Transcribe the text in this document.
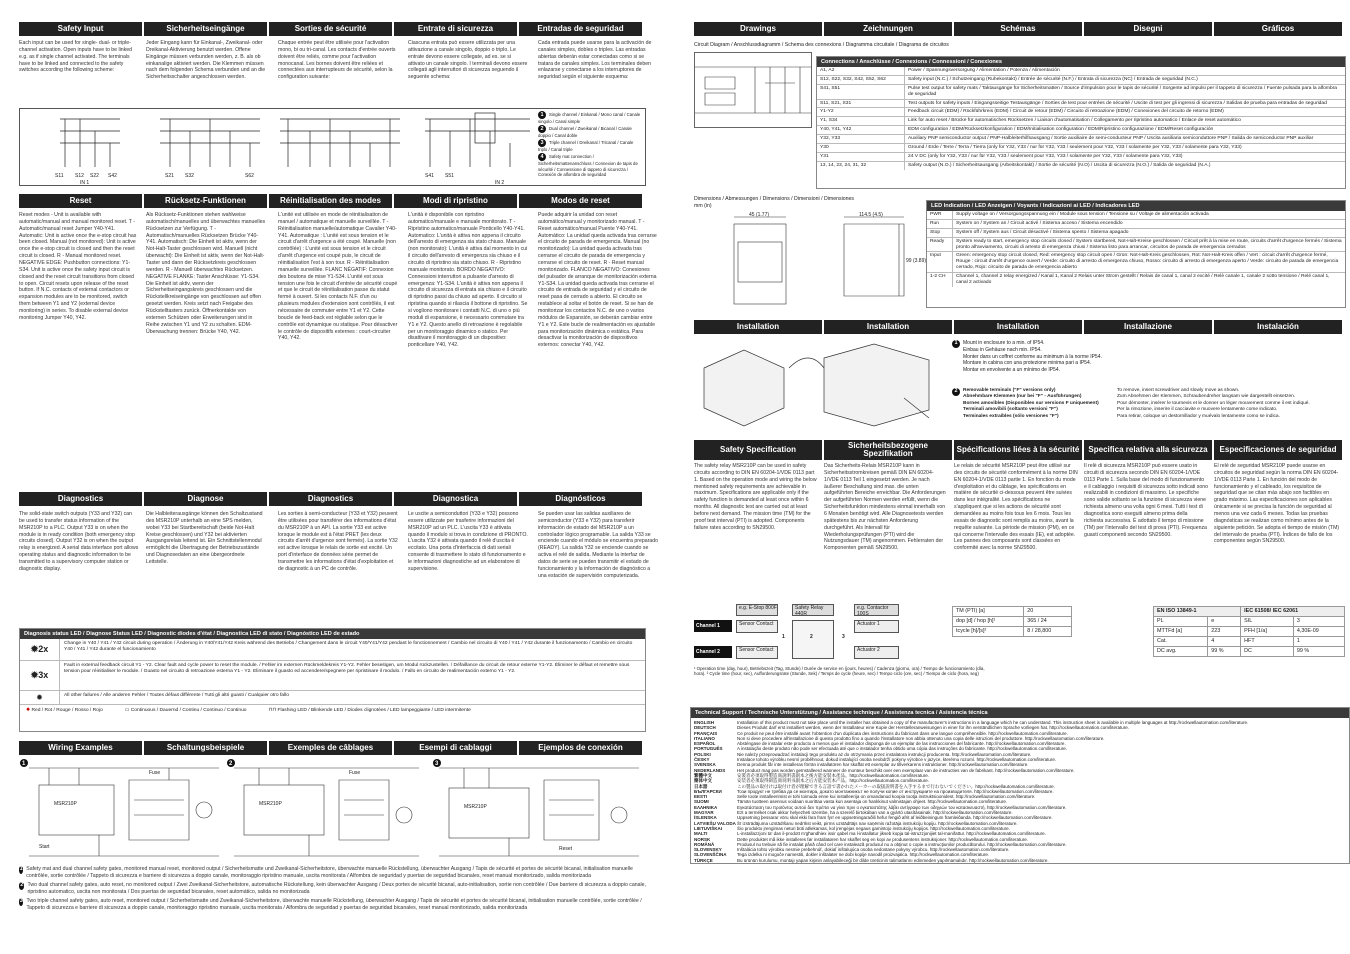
Safety Input	Sicherheitseingänge	Sorties de sécurité	Entrate di sicurezza	Entradas de seguridad
Each input can be used for single- dual- or triple-channel activation. Open inputs have to be linked e.g. as if single channel activated. The terminals have to be linked and connected to the safety switches according the following scheme:
Jeder Eingang kann für Einkanal-, Zweikanal- oder Dreikanal-Aktivierung benutzt werden. Offene Eingänge müssen verbunden werden, z. B. als ob einkanalige aktiviert werden. Die Klemmen müssen nach dem folgenden Schema verbunden und an die Sicherheitsschalter angeschlossen werden.
Chaque entrée peut être utilisée pour l'activation mono, bi ou tri-canal. Les contacts d'entrée ouverts doivent être reliés, comme pour l'activation monocanal. Les bornes doivent être reliées et connectées aux interrupteurs de sécurité, selon la configuration suivante:
Ciascuna entrata può essere utilizzata per una attivazione a canale singolo, doppio o triplo. Le entrate devono essere collegate, ad es. se si attivato un canale singolo. I terminali devono essere collegati agli interruttori di sicurezza seguendo il seguente schema:
Cada entrada puede usarse para la activación de canales simples, dobles o triples. Las entradas abiertas deberán estar conectadas como si se tratara de canales simples. Los terminales deben enlazarse y conectarse a los interruptores de seguridad según el siguiente esquema:
S11 S12 S22 S42
IN 1
S21 S32	S62	S41 S51
IN 2
1 Single channel / Einkanal / Mono canal / Canale singolo / Canal simple
2 Dual channel / Zweikanal / Bicanal / Canale doppio / Canal doble
3 Triple channel / Dreikanal / Tricanal / Canale triplo / Canal triple
4 Safety mat connection / Sicherheitsmattenanschluss / Connexion de tapis de sécurité / Connessione di tappeto di sicurezza / Conexión de alfombra de seguridad
Reset	Rücksetz-Funktionen	Réinitialisation des modes	Modi di ripristino	Modos de reset
Reset modes - Unit is available with automatic/manual and manual monitored reset. T - Automatic/manual reset Jumper Y40-Y41. Automatic: Unit is active once the e-stop circuit has been closed. Manual (not monitored): Unit is active once the e-stop circuit is closed and then the reset circuit is closed. R - Manual monitored reset. NEGATIVE EDGE: Pushbutton connections: Y1-S34. Unit is active once the safety input circuit is closed and the reset circuit transitions from closed to open. Circuit resets upon release of the reset button. If N.C. contacts of external contactors or expansion modules are to be monitored, switch them between Y1 and Y2 (external device monitoring) in series. To disable external device monitoring Jumper Y40, Y42.
Als Rücksetz-Funktionen stehen wahlweise automatisch/manuelles und überwachtes manuelles Rücksetzen zur Verfügung. T - Automatisch/manuelles Rücksetzen Brücke Y40-Y41. Automatisch: Die Einheit ist aktiv, wenn der Not-Halt-Taster geschlossen wird. Manuell (nicht überwacht): Die Einheit ist aktiv, wenn der Not-Halt-Taster und dann der Rücksetzkreis geschlossen werden. R - Manuell überwachtes Rücksetzen. NEGATIVE FLANKE: Taster Anschlüsse: Y1-S34. Die Einheit ist aktiv, wenn der Sicherheitseingangskreis geschlossen und die Rückstellkreiseingänge von geschlossen auf offen gesetzt werden. Kreis setzt nach Freigabe des Rückstelltasters zurück. Öffnerkontakte von externen Schützen oder Erweiterungen sind in Reihe zwischen Y1 und Y2 zu schalten. EDM-Überwachung trennen: Brücke Y40, Y42.
L'unité est utilisée en mode de réinitialisation de manuel / automatique et manuelle surveillée. T - Réinitialisation manuelle/automatique Cavalier Y40-Y41. Automatique : L'unité est sous tension et le circuit d'arrêt d'urgence a été coupé. Manuelle (non contrôlée) : L'unité est sous tension et le circuit d'arrêt d'urgence est coupé puis, le circuit de réinitialisation l'est à son tour. R - Réinitialisation manuelle surveillée. FLANC NÉGATIF: Connexion des boutons de mise Y1-S34. L'unité est sous tension une fois le circuit d'entrée de sécurité coupé et que le circuit de réinitialisation passe du statut fermé à ouvert. Si les contacts N.F. d'un ou plusieurs modules d'extension sont contrôlés, il est nécessaire de commuter entre Y1 et Y2. Cette boucle de feed-back est réglable selon que le contrôle est dynamique ou statique. Pour désactiver le contrôle de dispositifs externes : court-circuiter Y40, Y42.
L'unità è disponibile con ripristino automatico/manuale e manuale monitorato. T - Ripristino automatico/manuale Ponticello Y40-Y41. Automatico: L'unità è attiva non appena il circuito dell'arresto di emergenza sia stato chiuso. Manuale (non monitorato): L'unità è attiva dal momento in cui il circuito dell'arresto di emergenza sia chiuso e il circuito di ripristino sia stato chiuso. R - Ripristino manuale monitorato. BORDO NEGATIVO: Connessioni interruttori a pulsante d'arresto di emergenza: Y1-S34. L'unità è attiva non appena il circuito di sicurezza di entrata sia chiuso e il circuito di ripristino passi da chiuso ad aperto. Il circuito si ripristina quando si rilascia il bottone di ripristino. Se si vogliono monitorare i contatti N.C. di uno o più moduli di espansione, è necessario commutare tra Y1 e Y2. Questo anello di retroazione è regolabile per un monitoraggio dinamico o statico. Per disattivare il monitoraggio di un dispositivo: ponticellare Y40, Y42.
Puede adquirir la unidad con reset automático/manual y monitorizado manual. T - Reset automático/manual Puente Y40-Y41. Automático: La unidad queda activada tras cerrarse el circuito de parada de emergencia. Manual (no monitorizado): La unidad queda activada tras cerrarse el circuito de parada de emergencia y cerrarse el circuito de reset. R - Reset manual monitorizado. FLANCO NEGATIVO: Conexiones del pulsador de arranque de monitorización externa Y1-S34. La unidad queda activada tras cerrarse el circuito de entrada de seguridad y el circuito de reset pasa de cerrado a abierto. El circuito se restablece al soltar el botón de reset. Si se han de monitorizar los contactos N.C. de uno o varios módulos de Expansión, se deberán cambiar entre Y1 e Y2. Este bucle de realimentación es ajustable para monitorización dinámica o estática. Para desactivar la monitorización de dispositivos externos: conectar Y40, Y42.
Diagnostics	Diagnose	Diagnostics	Diagnostica	Diagnósticos
The solid-state switch outputs (Y33 and Y32) can be used to transfer status information of the MSR210P to a PLC. Output Y33 is on when the module is in ready condition (both emergency stop circuits closed). Output Y32 is on when the output relay is energized. A serial data interface port allows operating status and diagnostic information to be transmitted to a supervisory computer station or diagnostic display.
Die Halbleiterausgänge können den Schaltzustand des MSR210P unterhalb an eine SPS melden, wobei Y33 bei Startbereitschaft (beide Not-Halt Kreise geschlossen) und Y32 bei aktivierten Ausgangsrelais leitend ist. Ein Schnittstellenmodul ermöglicht die Übertragung der Betriebszustände und Diagnosedaten an eine übergeordnete Leitstelle.
Les sorties à semi-conducteur (Y33 et Y32) peuvent être utilisées pour transférer des informations d'état du MSR210P à un API. La sortie Y33 est active lorsque le module est à l'état PRET (les deux circuits d'arrêt d'urgence sont fermés). La sortie Y32 est active lorsque le relais de sortie est excité. Un port d'interface de données série permet de transmettre les informations d'état d'exploitation et de diagnostic à un PC de contrôle.
Le uscite a semiconduttori (Y33 e Y32) possono essere utilizzate per trasferire informazioni del MSR210P ad un PLC. L'uscita Y33 è attivata quando il modulo si trova in condizione di PRONTO. L'uscita Y32 è attivata quando il relè d'uscita è eccitato. Una porta d'interfaccia di dati seriali consente di trasmettere lo stato di funzionamento e le informazioni diagnostiche ad un elaboratore di supervisione.
Se pueden usar las salidas auxiliares de semiconductor (Y33 e Y32) para transferir información de estado del MSR210P a un controlador lógico programable. La salida Y33 se enciende cuando el módulo se encuentra preparado (READY). La salida Y32 se enciende cuando se activa el relé de salida. Mediante la interfaz de datos de serie se pueden transmitir el estado de funcionamiento y la información de diagnóstico a una estación de supervisión computerizada.
Diagnosis status LED / Diagnose Status LED / Diagnostic diodes d'état / Diagnostica LED di stato / Diagnóstico LED de estado
✹ 2x
Change in Y40 / Y41 / Y42 circuit during operation / Änderung in Y40/Y41/Y42 Kreis während des Betriebs / Changement dans le circuit Y40/Y41/Y42 pendant le fonctionnement / Cambio nel circuito di Y40 / Y41 / Y42 durante il funzionamento / Cambio en circuito Y40 / Y41 / Y42 durante el funcionamiento
✹ 3x
Fault in external feedback circuit Y1 - Y2. Clear fault and cycle power to reset the module. / Fehler im externen Rückmeldekreis Y1-Y2. Fehler beseitigen, um Modul rückzustellen. / Défaillance du circuit de retour externe Y1-Y2. Éliminer le défaut et remettre sous tension pour réinitialiser le module. / Guasto nel circuito di retroazione esterna Y1 - Y2. Eliminare il guasto ed accendere/spegnere per ripristinare il modulo. / Fallo en circuito de realimentación externo Y1 - Y2.
✹	All other failures / Alle anderen Fehler / Toutes défaut différente / Tutti gli altri guasti / Cualquier otro fallo
✹ Red / Rot / Rouge / Rosso / Rojo	▭ Continuous / Dauernd / Continu / Continuo / Continuo	⊓⊓ Flashing LED / Blinkende LED / Diodes clignotées / LED lampeggiante / LED intermitente
Wiring Examples	Schaltungsbeispiele	Exemples de câblages	Esempi di cablaggi	Ejemplos de conexión
MSR210P	MSR210P	MSR210P
Fuse	Fuse
Start	Reset
1	2	3
1 Safety mat and dual channel safety gates, monitored manual reset, monitored output / Sicherheitsmatte und Zweikanal-Sicherheitstore, überwachte manuelle Rückstellung, überwachter Ausgang / Tapis de sécurité et portes de sécurité bicanal, initialisation manuelle contrôlée, sortie contrôlée / Tappeto di sicurezza e barriere di sicurezza a doppio canale, monitoraggio ripristino manuale, uscita monitorata / Alfombra de seguridad y puertas de seguridad bicanales, reset manual monitorizado, salida monitorizada
2 Two dual channel safety gates, auto reset, no monitored output / Zwei Zweikanal-Sicherheitstore, automatische Rückstellung, kein überwachter Ausgang / Deux portes de sécurité bicanal, auto-initialisation, sortie non contrôlée / Due barriere di sicurezza a doppio canale, ripristino automatico, uscita non monitorata / Dos puertas de seguridad bicanales, reset automático, salida no monitorizada
3 Two triple channel safety gates, auto reset, monitored output / Sicherheitsmatte und Zweikanal-Sicherheitstore, überwachte manuelle Rückstellung, überwachter Ausgang / Tapis de sécurité et portes de sécurité bicanal, initialisation manuelle contrôlée, sortie contrôlée / Tappeto di sicurezza e barriere di sicurezza a doppio canale, monitoraggio ripristino manuale, uscita monitorata / Alfombra de seguridad y puertas de seguridad bicanales, reset manual monitorizado, salida monitorizada
Drawings	Zeichnungen	Schémas	Disegni	Gráficos
Circuit Diagram / Anschlussdiagramm / Schema des connexions / Diagramma circuitale / Diagrama de circuitos
Connections / Anschlüsse / Connexions / Connessioni / Conexiones
A1, A2	Power / Spannungsversorgung / Alimentation / Potenza / Alimentación
S12, S22, S32, S42, S52, S62	Safety input (N.C.) / Schutzeingang (Ruhekontakt) / Entrée de sécurité (N.F.) / Entrata di sicurezza (NC) / Entrada de seguridad (N.C.)
S41, S51	Pulse test output for safety mats / Taktausgänge für Sicherheitsmatten / Source d'impulsion pour le tapis de sécurité / Sorgente ad impulsi per il tappeto di sicurezza / Fuente pulsada para la alfombra de seguridad
S11, S21, S31	Test outputs for safety inputs / Eingangsseitige Testausgänge / Sorties de test pour entrées de sécurité / Uscite di test per gli ingressi di sicurezza / Salidas de prueba para entradas de seguridad
Y1-Y2	Feedback circuit (EDM) / Rückführkreis (EDM) / Circuit de retour (EDM) / Circuito di retroazione (EDM) / Conexiones del circuito de retorno (EDM)
Y1, S34	Link for auto reset / Brücke für automatisches Rücksetzen / Liaison d'automatisation / Collegamento per ripristino automatico / Enlace de reset automático
Y40, Y41, Y42	EDM configuration / EDM/Rücksetzkonfiguration / EDM/Initialisation configuration / EDM/Ripristino configurazione / EDM/Reset configuración
Y32, Y33	Auxiliary PNP semiconductor output / PNP-Halbleiterhilfsausgang / Sortie auxiliaire de semi-conducteur PNP / Uscita ausiliaria semiconduttore PNP / Salida de semiconductor PNP auxiliar
Y30	Ground / Erde / Terre / Terra / Tierra (only for Y32, Y33 / nur für Y32, Y33 / seulement pour Y32, Y33 / solamente per Y32, Y33 / solamente para Y32, Y33)
Y31	24 V DC (only for Y32, Y33 / nur für Y32, Y33 / seulement pour Y32, Y33 / solamente per Y32, Y33 / solamente para Y32, Y33)
13, 14, 23, 24, 31, 32	Safety output (N.O.) / Sicherheitsausgang (Arbeitskontakt) / Sortie de sécurité (N.O) / Uscita di sicurezza (N.O.) / Salida de seguridad (N.A.)
Dimensions / Abmessungen / Dimensions / Dimensioni / Dimensiones mm (in)
45 (1.77)	114.5 (4.5)
99 (3.89)
LED Indication / LED Anzeigen / Voyants / Indicazioni ai LED / Indicadores LED
PWR	Supply voltage on / Versorgungsspannung ein / Module sous tension / Tensione su / Voltaje de alimentación activada
Run	System on / System an / Circuit activé / Sistema acceso / Sistema encendido
Stop	System off / System aus / Circuit désactivé / Sistema spento / Sistema apagado
Ready	System ready to start, emergency stop circuits closed / System startbereit, Not-Halt-Kreise geschlossen / Circuit prêt à la mise en route, circuits d'arrêt d'urgence fermés / Sistema pronto all'avviamento, circuiti di arresto di emergenza chiusi / Sistema listo para arrancar, circuitos de parada de emergencia cerrados
Input	Green: emergency stop circuit closed, Red: emergency stop circuit open / Grün: Not-Halt-Kreis geschlossen, Rot: Not-Halt-Kreis offen / Vert : circuit d'arrêt d'urgence fermé, Rouge : circuit d'arrêt d'urgence ouvert / Verde: circuito di arresto di emergenza chiuso, Rosso: circuito di arresto di emergenza aperto / Verde: circuito de parada de emergencia cerrado, Rojo: circuito de parada de emergencia abierto
1-2 CH	Channel 1, channel 2 relay energized / Kanal 1, Kanal 2 Relais unter Strom gestellt / Relais de canal 1, canal 2 excité / Relè canale 1, canale 2 sotto tensione / Relé canal 1, canal 2 activado
Installation	Installation	Installation	Installazione	Instalación
1	Mount in enclosure to a min. of IP54.
Einbau in Gehäuse nach min. IP54.
Monter dans un coffret conforme au minimum à la norme IP54.
Montare in cabina con una protezione minima pari a IP54.
Montar en envolvente a un mínimo de IP54.
2	Removable terminals ("F" versions only)
Abnehmbare Klemmen (nur bei "F" - Ausführungen)
Bornes amovibles (Disponibles sur versions F uniquement)
Terminali amovibili (soltanto versioni "F")
Terminales extraíbles (sólo versiones "F")
To remove, insert screwdriver and slowly move as shown.
Zum Abnehmen der Klemmen, Schraubendreher langsam wie dargestellt einsetzen.
Pour démonter, insérer le tournevis et le donner un léger mouvement comme il est indiqué.
Per la rimozione, inserire il cacciavite e muovere lentamente come indicato.
Para retirar, coloque un destornillador y muévalo lentamente como se indica.
Safety Specification	Sicherheitsbezogene Spezifikation	Spécifications liées à la sécurité	Specifica relativa alla sicurezza	Especificaciones de seguridad
The safety relay MSR210P can be used in safety circuits according to DIN EN 60204-1/VDE 0113 part 1. Based on the operation mode and wiring the below mentioned safety requirements are achievable in maximum. Specifications are applicable only if the safety function is demanded at least once within 6 months. All diagnostic test are carried out at least before next demand. The mission time (TM) for the proof test interval (PTI) is adopted. Components failure rates according to SN29500.
Das Sicherheits-Relais MSR210P kann in Sicherheitsstromkreisen gemäß DIN EN 60204-1/VDE 0113 Teil 1 eingesetzt werden. Je nach äußerer Beschaltung sind max. die unten aufgeführten Bereiche erreichbar. Die Anforderungen der aufgeführten Normen werden erfüllt, wenn die Sicherheitsfunktion mindestens einmal innerhalb von 6 Monaten benötigt wird. Alle Diagnosetests werden spätestens bis zur nächsten Anforderung durchgeführt. Als Intervall für Wiederholungsprüfungen (PTI) wird die Nutzungsdauer (TM) angenommen. Fehlerraten der Komponenten gemäß SN29500.
Le relais de sécurité MSR210P peut être utilisé sur des circuits de sécurité conformément à la norme DIN EN 60204-1/VDE 0113 partie 1. En fonction du mode d'exploitation et du câblage, les spécifications en matière de sécurité ci-dessous peuvent être suivies dans leur intégralité. Les spécifications ne s'appliquent que si les actions de sécurité sont demandées au moins fois tous les 6 mois. Tous les essais de diagnostic sont remplis au moins, avant la requête suivante. La période de mission (PM), en ce qui concerne l'intervalle des essais (IE), est adoptée. Les pannes des composants sont classées en conformité avec la norme SN29500.
Il relè di sicurezza MSR210P può essere usato in circuiti di sicurezza secondo DIN EN 60204-1/VDE 0113 Parte 1. Sulla base del modo di funzionamento e il cablaggio i requisiti di sicurezza sotto indicati sono realizzabili in condizioni di massimo. Le specifiche sono valide soltanto se la funzione di sicurezza viene richiesta almeno una volta ogni 6 mesi. Tutti i test di diagnostica sono eseguiti almeno prima della richiesta successiva. È adottato il tempo di missione (TM) per l'intervallo del test di prova (PTI). Frequenza guasti componenti secondo SN29500.
El relé de seguridad MSR210P puede usarse en circuitos de seguridad según la norma DIN EN 60204-1/VDE 0113 Parte 1. En función del modo de funcionamiento y el cableado, los requisitos de seguridad que se citan más abajo son factibles en grado máximo. Las especificaciones son aplicables únicamente si se precisa la función de seguridad al menos una vez cada 6 meses. Todas las pruebas diagnósticas se realizan como mínimo antes de la siguiente petición. Se adopta el tiempo de misión (TM) del intervalo de prueba (PTI). Índices de fallo de los componentes según SN29500.
Channel 1
Channel 2
e.g. E-Stop 800F	Safety Relay 440R
e.g. Contactor 100S
Sensor Contact
Sensor Contact
Actuator 1
Actuator 2
1	2	3
¹ Operation time (day, hour), Betriebszeit (Tag, Stunde) / Durée de service en (jours, heures) / Cadenza (giorno, ora) / Tiempo de funcionamiento (día, hora). ² Cycle time (hour, sec), Aufforderungsrate (Stunde, Sek) / Temps de cycle (heure, sec) / Tempo ciclo (ore, sec) / Tiempo de ciclo (hora, seg)
TM (PTI) [a]	20
dop [d] / hop [h]¹	365 / 24
tcycle [h]/[s]²	8 / 28,800
EN ISO 13849-1		IEC 61508/ IEC 62061	
PL	e	SIL	3
MTTFd [a]	223	PFH [1/a]	4,30E-09
Cat.	4	HFT	1
DC avg.	99 %	DC	99 %
Technical Support / Technische Unterstützung / Assistance technique / Assistenza tecnica / Asistencia técnica
ENGLISH	Installation of this product must not take place until the installer has obtained a copy of the manufacturer's instructions in a language which he can understand. This instruction sheet is available in multiple languages at http://rockwellautomation.com/literature.
DEUTSCH	Dieses Produkt darf erst installiert werden, wenn der Installateur eine Kopie der Herstelleranweisungen in einer für ihn verständlichen Sprache vorliegen hat. http://rockwellautomation.com/literature.
FRANÇAIS	Ce produit ne peut être installé avant l'obtention d'un duplicata des instructions du fabricant dans une langue compréhensible. http://rockwellautomation.com/literature.
ITALIANO	Non si deve procedere all'installazione di questo prodotto fino a quando l'installatore non abbia ottenuto una copia delle istruzioni del produttore. http://rockwellautomation.com/literature.
ESPAÑOL	Absténgase de instalar este producto a menos que el instalador disponga de un ejemplar de las instrucciones del fabricante. http://rockwellautomation.com/literature.
PORTUGUÊS	A instalação deste produto não pode ser efectuada até que o instalador tenha obtido uma cópia das instruções do fabricante. http://rockwellautomation.com/literature.
POLSKI	Nie należy przeprowadzać instalacji tego produktu aż do otrzymania przez instalatora instrukcji producenta. http://rockwellautomation.com/literature.
ČESKY	Instalace tohoto výrobku nesmí proběhnout, dokud instalující osoba neobdrží pokyny výrobce v jazyce, kterému rozumí. http://rockwellautomation.com/literature.
SVENSKA	Denna produkt får inte installeras förrän installatören har skaffat ett exemplar av tillverkarens instruktioner. http://rockwellautomation.com/literature.
NEDERLANDS	Het product mag pas worden geïnstalleerd wanneer de monteur beschikt over een exemplaar van de instructies van de fabrikant. http://rockwellautomation.com/literature.
繁體中文	安裝者必須取得製造商說明書副本之後方能安裝本產品。http://rockwellautomation.com/literature.
簡体中文	安装者必须取得制造商说明书副本之后方能安装本产品。http://rockwellautomation.com/literature.
日本語	この製品の取付けは取付け者が理解できる言語で書かれたメーカーの取扱説明書を入手するまで行わないでください。http://rockwellautomation.com/literature.
БЪЛГАРСКИ	Този продукт не трябва да се монтира, докато монтажникът не получи копие от инструкциите на производителя. http://rockwellautomation.com/literature.
EESTI	Selle toote installeerimist ei tohi toimuda enne kui installeerija on omandanud koopia tootja instruktsioonidest. http://rockwellautomation.com/literature.
SUOMI	Tämän tuotteen asennus voidaan suorittaa vasta kun asentaja on hankkinut valmistajan ohjeet. http://rockwellautomation.com/literature.
ΕΛΛΗΝΙΚΑ	Εγκατάσταση του προϊόντος αυτού δεν πρέπει να γίνει πριν ο εγκαταστάτης λάβει αντίγραφο των οδηγιών του κατασκευαστή. http://rockwellautomation.com/literature.
MAGYAR	Ezt a terméket csak akkor helyezheti üzembe, ha a szerelő birtokában van a gyártó utasításainak. http://rockwellautomation.com/literature.
ÍSLENSKA	Uppsetning þessarar vöru skal ekki fara fram fyrr en uppsetningaraðili hefur fengið afrit af leiðbeiningum framleiðanda. http://rockwellautomation.com/literature.
LATVIEŠU VALODA Šī izstrādājuma uzstādīšanu nedrīkst veikt, pirms uzstādītājs nav saņēmis ražotāja instrukciju kopiju. http://rockwellautomation.com/literature.
LIETUVIŠKAI	Šio produkto įrengimas neturi būti atliekamas, kol įrengėjas negaus gamintojo instrukcijų kopijos. http://rockwellautomation.com/literature.
MALTI	L-installazzjoni ta' dan il-prodott m'għandhiex issir qabel ma l-installatur jikseb kopja tal-istruzzjonijiet tal-manifattur. http://rockwellautomation.com/literature.
NORSK	Dette produktet må ikke installeres før installatøren har skaffet seg en kopi av produsentens instruksjoner. http://rockwellautomation.com/literature.
ROMÂNĂ	Produsul nu trebuie să fie instalat până când cel care instalează produsul nu a obţinut o copie a instrucţiunilor producătorului. http://rockwellautomation.com/literature.
SLOVENSKY	Inštalácia tohto výrobku nesmie prebehnúť, dokiaľ inštalujúca osoba nedostane pokyny výrobcu. http://rockwellautomation.com/literature.
SLOVENŠČINA	Tega izdelka ni mogoče namestiti, dokler inštalater ne dobi kopije navodil proizvajalca. http://rockwellautomation.com/literature.
TÜRKÇE	Bu ürünün kurulumu, montajı yapan kişinin anlayabileceği bir dilde üreticinin talimatlarını edinmeden yapılmamalıdır. http://rockwellautomation.com/literature.
